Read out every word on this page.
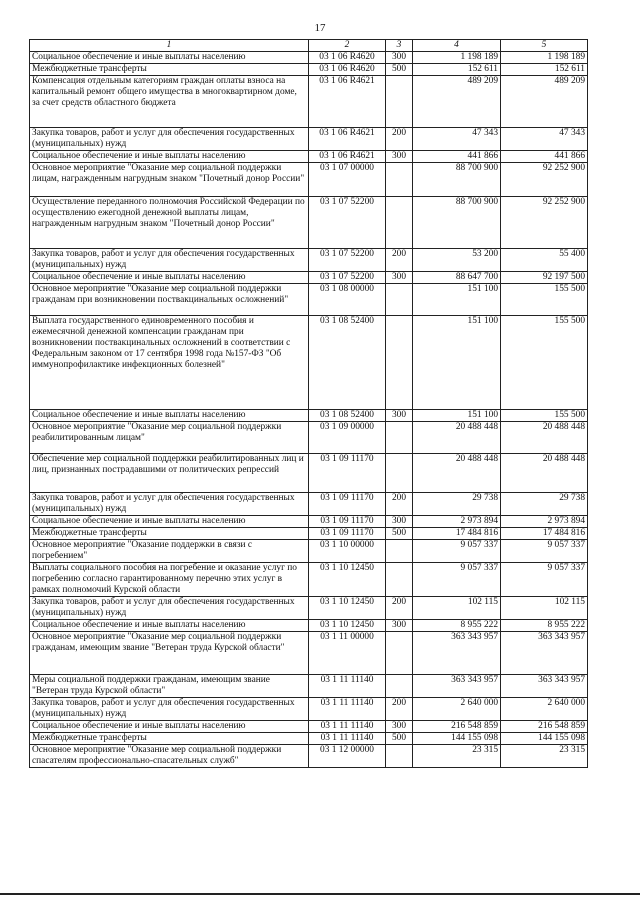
17
1	2	3	4	5
Социальное обеспечение и иные выплаты населению	03 1 06 R4620	300	1 198 189	1 198 189
Межбюджетные трансферты	03 1 06 R4620	500	152 611	152 611
Компенсация отдельным категориям граждан оплаты взноса на капитальный ремонт общего имущества в многоквартирном доме, за счет средств областного бюджета	03 1 06 R4621		489 209	489 209
Закупка товаров, работ и услуг для обеспечения государственных (муниципальных) нужд	03 1 06 R4621	200	47 343	47 343
Социальное обеспечение и иные выплаты населению	03 1 06 R4621	300	441 866	441 866
Основное мероприятие "Оказание мер социальной поддержки лицам, награжденным нагрудным знаком "Почетный донор России"	03 1 07 00000		88 700 900	92 252 900
Осуществление переданного полномочия Российской Федерации по осуществлению ежегодной денежной выплаты лицам, награжденным нагрудным знаком "Почетный донор России"	03 1 07 52200		88 700 900	92 252 900
Закупка товаров, работ и услуг для обеспечения государственных (муниципальных) нужд	03 1 07 52200	200	53 200	55 400
Социальное обеспечение и иные выплаты населению	03 1 07 52200	300	88 647 700	92 197 500
Основное мероприятие "Оказание мер социальной поддержки гражданам при возникновении поствакцинальных осложнений"	03 1 08 00000		151 100	155 500
Выплата государственного единовременного пособия и ежемесячной денежной компенсации гражданам при возникновении поствакцинальных осложнений в соответствии с Федеральным законом от 17 сентября 1998 года №157-ФЗ "Об иммунопрофилактике инфекционных болезней"	03 1 08 52400		151 100	155 500
Социальное обеспечение и иные выплаты населению	03 1 08 52400	300	151 100	155 500
Основное мероприятие "Оказание мер социальной поддержки реабилитированным лицам"	03 1 09 00000		20 488 448	20 488 448
Обеспечение мер социальной поддержки реабилитированных лиц и лиц, признанных пострадавшими от политических репрессий	03 1 09 11170		20 488 448	20 488 448
Закупка товаров, работ и услуг для обеспечения государственных (муниципальных) нужд	03 1 09 11170	200	29 738	29 738
Социальное обеспечение и иные выплаты населению	03 1 09 11170	300	2 973 894	2 973 894
Межбюджетные трансферты	03 1 09 11170	500	17 484 816	17 484 816
Основное мероприятие "Оказание поддержки в связи с погребением"	03 1 10 00000		9 057 337	9 057 337
Выплаты социального пособия на погребение и оказание услуг по погребению согласно гарантированному перечню этих услуг в рамках полномочий Курской области	03 1 10 12450		9 057 337	9 057 337
Закупка товаров, работ и услуг для обеспечения государственных (муниципальных) нужд	03 1 10 12450	200	102 115	102 115
Социальное обеспечение и иные выплаты населению	03 1 10 12450	300	8 955 222	8 955 222
Основное мероприятие "Оказание мер социальной поддержки гражданам, имеющим звание "Ветеран труда Курской области"	03 1 11 00000		363 343 957	363 343 957
Меры социальной поддержки гражданам, имеющим звание "Ветеран труда Курской области"	03 1 11 11140		363 343 957	363 343 957
Закупка товаров, работ и услуг для обеспечения государственных (муниципальных) нужд	03 1 11 11140	200	2 640 000	2 640 000
Социальное обеспечение и иные выплаты населению	03 1 11 11140	300	216 548 859	216 548 859
Межбюджетные трансферты	03 1 11 11140	500	144 155 098	144 155 098
Основное мероприятие "Оказание мер социальной поддержки спасателям профессионально-спасательных служб"	03 1 12 00000		23 315	23 315
